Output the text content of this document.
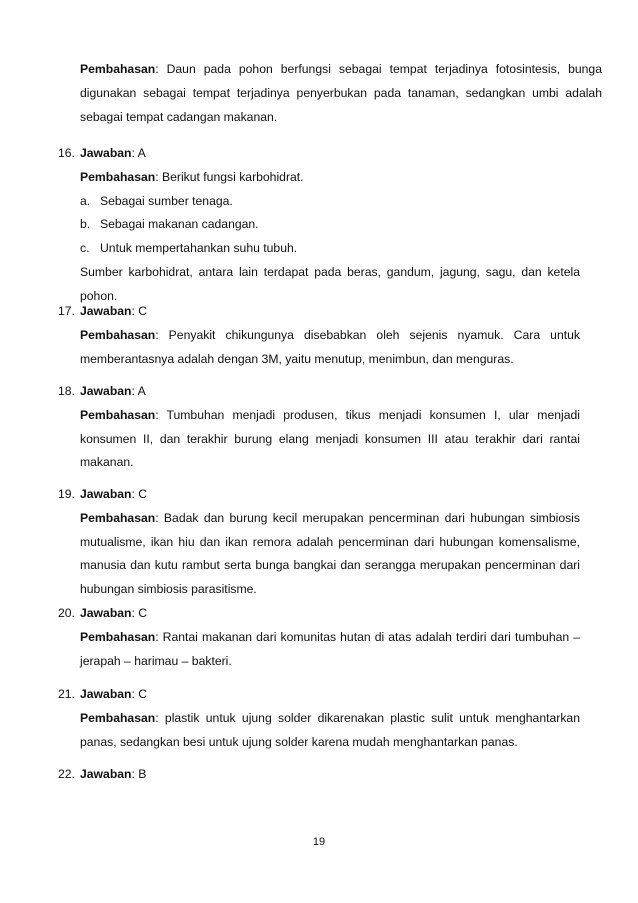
Pembahasan: Daun pada pohon berfungsi sebagai tempat terjadinya fotosintesis, bunga digunakan sebagai tempat terjadinya penyerbukan pada tanaman, sedangkan umbi adalah sebagai tempat cadangan makanan.
16. Jawaban: A
Pembahasan: Berikut fungsi karbohidrat.
a. Sebagai sumber tenaga.
b. Sebagai makanan cadangan.
c. Untuk mempertahankan suhu tubuh.
Sumber karbohidrat, antara lain terdapat pada beras, gandum, jagung, sagu, dan ketela pohon.
17. Jawaban: C
Pembahasan: Penyakit chikungunya disebabkan oleh sejenis nyamuk. Cara untuk memberantasnya adalah dengan 3M, yaitu menutup, menimbun, dan menguras.
18. Jawaban: A
Pembahasan: Tumbuhan menjadi produsen, tikus menjadi konsumen I, ular menjadi konsumen II, dan terakhir burung elang menjadi konsumen III atau terakhir dari rantai makanan.
19. Jawaban: C
Pembahasan: Badak dan burung kecil merupakan pencerminan dari hubungan simbiosis mutualisme, ikan hiu dan ikan remora adalah pencerminan dari hubungan komensalisme, manusia dan kutu rambut serta bunga bangkai dan serangga merupakan pencerminan dari hubungan simbiosis parasitisme.
20. Jawaban: C
Pembahasan: Rantai makanan dari komunitas hutan di atas adalah terdiri dari tumbuhan – jerapah – harimau – bakteri.
21. Jawaban: C
Pembahasan: plastik untuk ujung solder dikarenakan plastic sulit untuk menghantarkan panas, sedangkan besi untuk ujung solder karena mudah menghantarkan panas.
22. Jawaban: B
19
